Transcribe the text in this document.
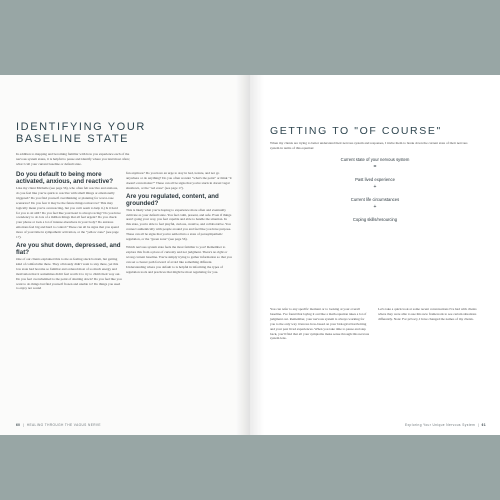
IDENTIFYING YOUR
BASELINE STATE

In addition to mapping and becoming familiar with how you experience each of the nervous system states, it is helpful to pause and identify where you land most often; what I call your current baseline or default state.

Do you default to being more activated, anxious, and reactive?

Like my client Michelle (see page 56), who often felt reactive and anxious, do you feel like you're quick to reactive with small things or emotionally triggered? Do you find yourself overthinking or planning for worst-case scenarios? Do you fear it may be the future things tomorrow? This may logically mean you're overreacting, but you can't seem to help it.) Is it hard for you to sit still? Do you feel like your heart is always racing? Do you have a tendency to do lots of a million things that all feel urgent? Do you check your phone or look a lot of intense elsewhere in your body? Do anxious emotions feel big and hard to control? These can all be signs that you spend more of your time in sympathetic activation, or the "yellow zone" (see page 17).

Are you shut down, depressed, and flat?

One of our clients explained this to me as feeling stuck bottom, but getting kind of comfortable there. They obviously didn't want to stay there, yet this low state had become so familiar and ordered most of so much energy and motivation that it sometimes didn't feel worth it to try to climb their way out. Do you feel overwhelmed to the point of shutting down? Do you feel like you want to do things but find yourself frozen and unable to? Do things you used to enjoy not sound

fun anymore? Do you have an urge to stay in bed, isolate, and not go anywhere or do anything? Do you often wonder "what's the point" or think "it doesn't even matter?" These can all be signs that you're stuck in dorsal vagal shutdown, or the "red zone" (see page 17).

Are you regulated, content, and grounded?

This is likely what you're hoping to experience more often and eventually cultivate as your default state. You feel calm, present, and safe. Even if things aren't going your way, you feel capable and able to handle the situation. In this state, you're able to feel playful, curious, creative, and collaborative. You connect authentically with people around you and feel like you have purpose. These can all be signs that you're settled into a state of parasympathetic regulation, or the "green zone" (see page 56).

Which nervous system state feels the most familiar to you? Remember to explore this from a place of curiosity and not judgment. There's no right or wrong current baseline. You're simply trying to gather information so that you can set a clearer path forward of avoid like something different. Understanding where you default to is helpful in informing the types of regulation tools and practices that might be most regulating for you.

60  |  HEALING THROUGH THE VAGUS NERVE
GETTING TO "OF COURSE"

When my clients are trying to better understand their nervous system and responses, I invite them to break down the current state of their nervous system in terms of this equation:

Current state of your nervous system
=
Past lived experience
+
Current life circumstances
+
Coping skills/resourcing

You can refer to any specific moment or to looking at your overall baseline. I've found that laying it out like a math equation takes a lot of judgment out. Remember, your nervous system is always working for you to the only way it knows how-based on your biological hardwiring and your past lived experiences. When you take time to pause and step back, you'll find that all your symptoms make sense through this nervous system lens.

Let's take a quick look at some recent conversations I've had with clients where they were able to use this new framework to see certain situations differently. Note: For privacy, I have changed the names of my clients.

Exploring Your Unique Nervous System  |  61
